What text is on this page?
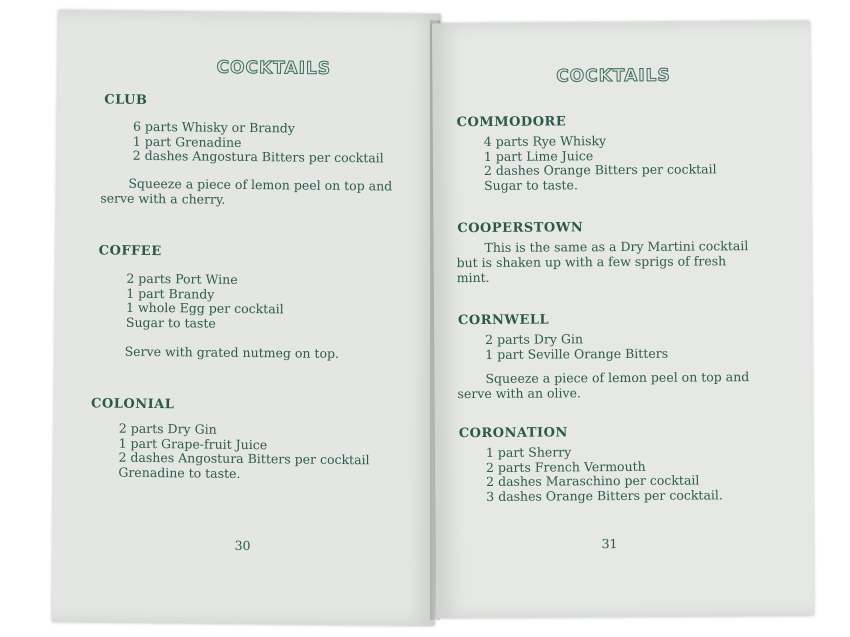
COCKTAILS
CLUB
6 parts Whisky or Brandy
1 part Grenadine
2 dashes Angostura Bitters per cocktail
Squeeze a piece of lemon peel on top and
serve with a cherry.
COFFEE
2 parts Port Wine
1 part Brandy
1 whole Egg per cocktail
Sugar to taste
Serve with grated nutmeg on top.
COLONIAL
2 parts Dry Gin
1 part Grape-fruit Juice
2 dashes Angostura Bitters per cocktail
Grenadine to taste.
30
COCKTAILS
COMMODORE
4 parts Rye Whisky
1 part Lime Juice
2 dashes Orange Bitters per cocktail
Sugar to taste.
COOPERSTOWN
This is the same as a Dry Martini cocktail
but is shaken up with a few sprigs of fresh
mint.
CORNWELL
2 parts Dry Gin
1 part Seville Orange Bitters
Squeeze a piece of lemon peel on top and
serve with an olive.
CORONATION
1 part Sherry
2 parts French Vermouth
2 dashes Maraschino per cocktail
3 dashes Orange Bitters per cocktail.
31
